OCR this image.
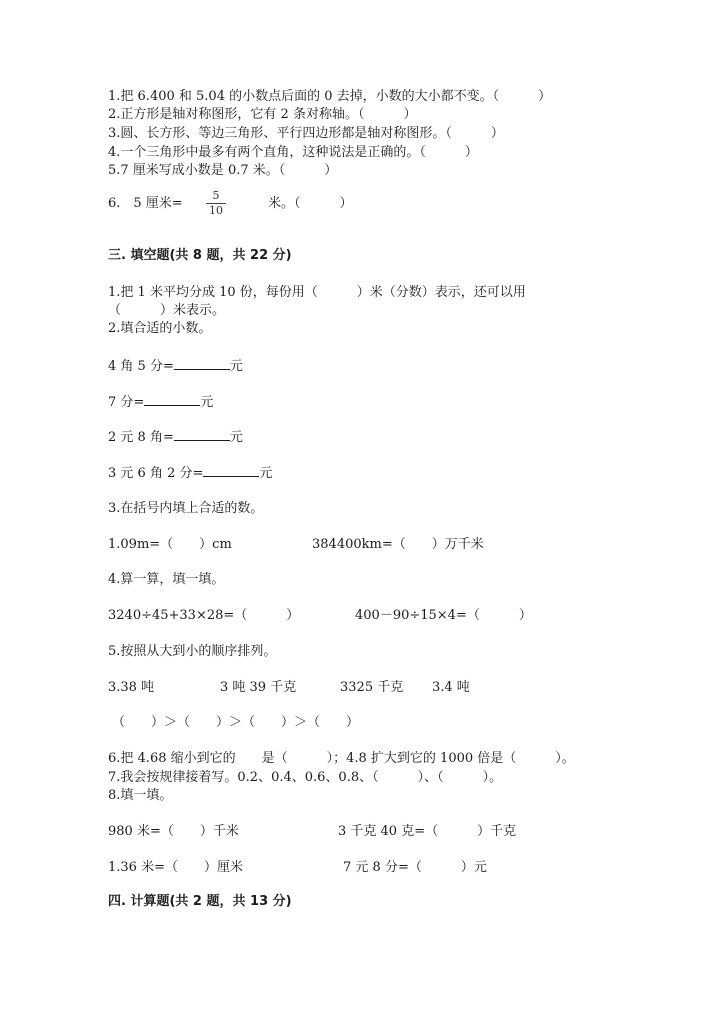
1.把 6.400 和 5.04 的小数点后面的 0 去掉，小数的大小都不变。（　　　）
2.正方形是轴对称图形，它有 2 条对称轴。（　　　）
3.圆、长方形、等边三角形、平行四边形都是轴对称图形。（　　　）
4.一个三角形中最多有两个直角，这种说法是正确的。（　　　）
5.7 厘米写成小数是 0.7 米。（　　　）
6.　5 厘米=
5
10	米。（　　　）
三. 填空题(共 8 题，共 22 分)
1.把 1 米平均分成 10 份，每份用（　　　）米（分数）表示，还可以用
（　　　）米表示。
2.填合适的小数。
4 角 5 分=	元
7 分=	元
2 元 8 角=	元
3 元 6 角 2 分=	元
3.在括号内填上合适的数。
1.09m=（　　）cm	384400km=（　　）万千米
4.算一算，填一填。
3240÷45+33×28=（　　　）	400－90÷15×4=（　　　）
5.按照从大到小的顺序排列。
3.38 吨	3 吨 39 千克	3325 千克 3.4 吨
（　　）＞（　　）＞（　　）＞（　　）
6.把 4.68 缩小到它的　　是（　　　）；4.8 扩大到它的 1000 倍是（　　　）。
7.我会按规律接着写。0.2、0.4、0.6、0.8、（　　　）、（　　　）。
8.填一填。
980 米=（　　）千米	3 千克 40 克=（　　　）千克
1.36 米=（　　）厘米	7 元 8 分=（　　　）元
四. 计算题(共 2 题，共 13 分)
